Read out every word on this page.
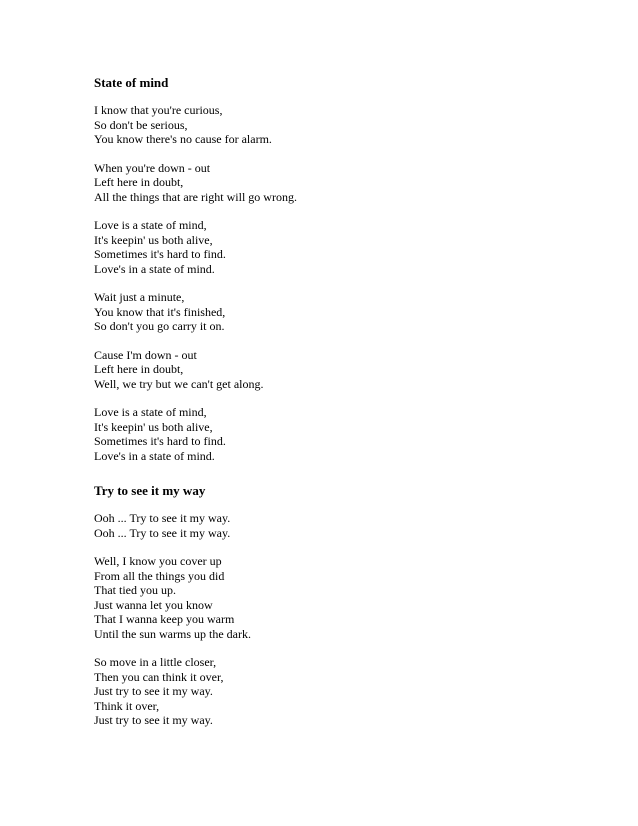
State of mind
I know that you're curious,
So don't be serious,
You know there's no cause for alarm.
When you're down - out
Left here in doubt,
All the things that are right will go wrong.
Love is a state of mind,
It's keepin' us both alive,
Sometimes it's hard to find.
Love's in a state of mind.
Wait just a minute,
You know that it's finished,
So don't you go carry it on.
Cause I'm down - out
Left here in doubt,
Well, we try but we can't get along.
Love is a state of mind,
It's keepin' us both alive,
Sometimes it's hard to find.
Love's in a state of mind.
Try to see it my way
Ooh ... Try to see it my way.
Ooh ... Try to see it my way.
Well, I know you cover up
From all the things you did
That tied you up.
Just wanna let you know
That I wanna keep you warm
Until the sun warms up the dark.
So move in a little closer,
Then you can think it over,
Just try to see it my way.
Think it over,
Just try to see it my way.
